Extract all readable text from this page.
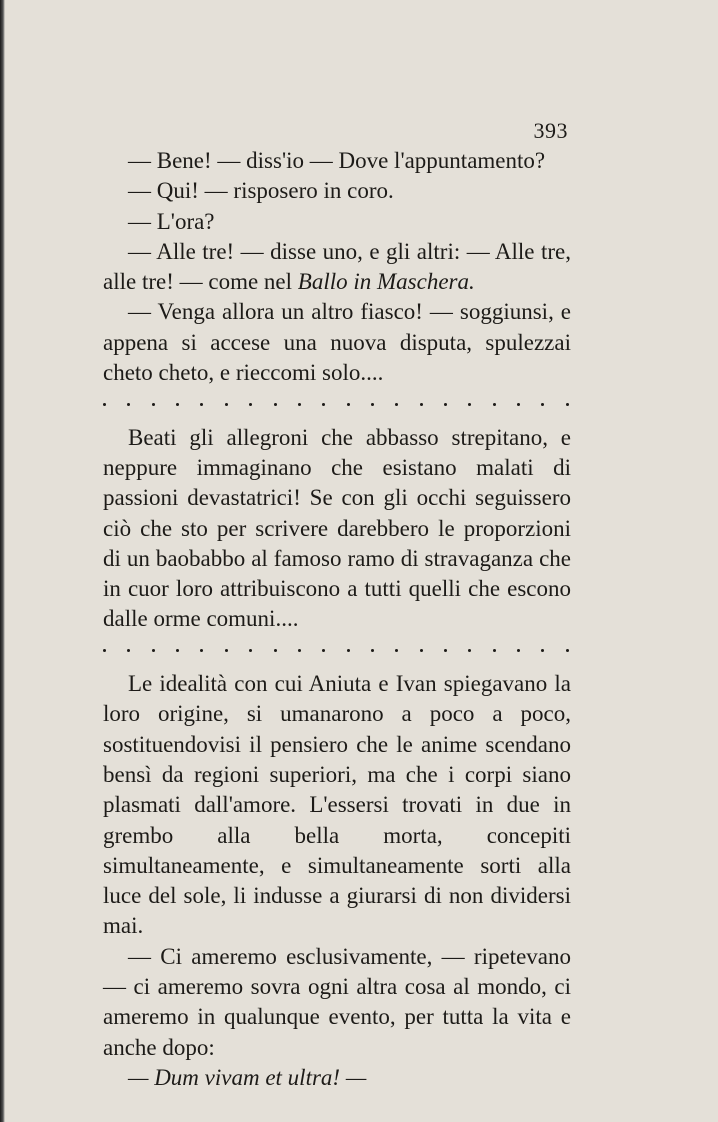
393

— Bene! — diss'io — Dove l'appuntamento?

— Qui! — risposero in coro.

— L'ora?

— Alle tre! — disse uno, e gli altri: — Alle tre, alle tre! — come nel Ballo in Maschera.

— Venga allora un altro fiasco! — soggiunsi, e appena si accese una nuova disputa, spulezzai cheto cheto, e rieccomi solo....

Beati gli allegroni che abbasso strepitano, e neppure immaginano che esistano malati di passioni devastatrici! Se con gli occhi seguissero ciò che sto per scrivere darebbero le proporzioni di un baobabbo al famoso ramo di stravaganza che in cuor loro attribuiscono a tutti quelli che escono dalle orme comuni....

Le idealità con cui Aniuta e Ivan spiegavano la loro origine, si umanarono a poco a poco, sostituendovisi il pensiero che le anime scendano bensì da regioni superiori, ma che i corpi siano plasmati dall'amore. L'essersi trovati in due in grembo alla bella morta, concepiti simultaneamente, e simultaneamente sorti alla luce del sole, li indusse a giurarsi di non dividersi mai.

— Ci ameremo esclusivamente, — ripetevano — ci ameremo sovra ogni altra cosa al mondo, ci ameremo in qualunque evento, per tutta la vita e anche dopo:

— Dum vivam et ultra! —
